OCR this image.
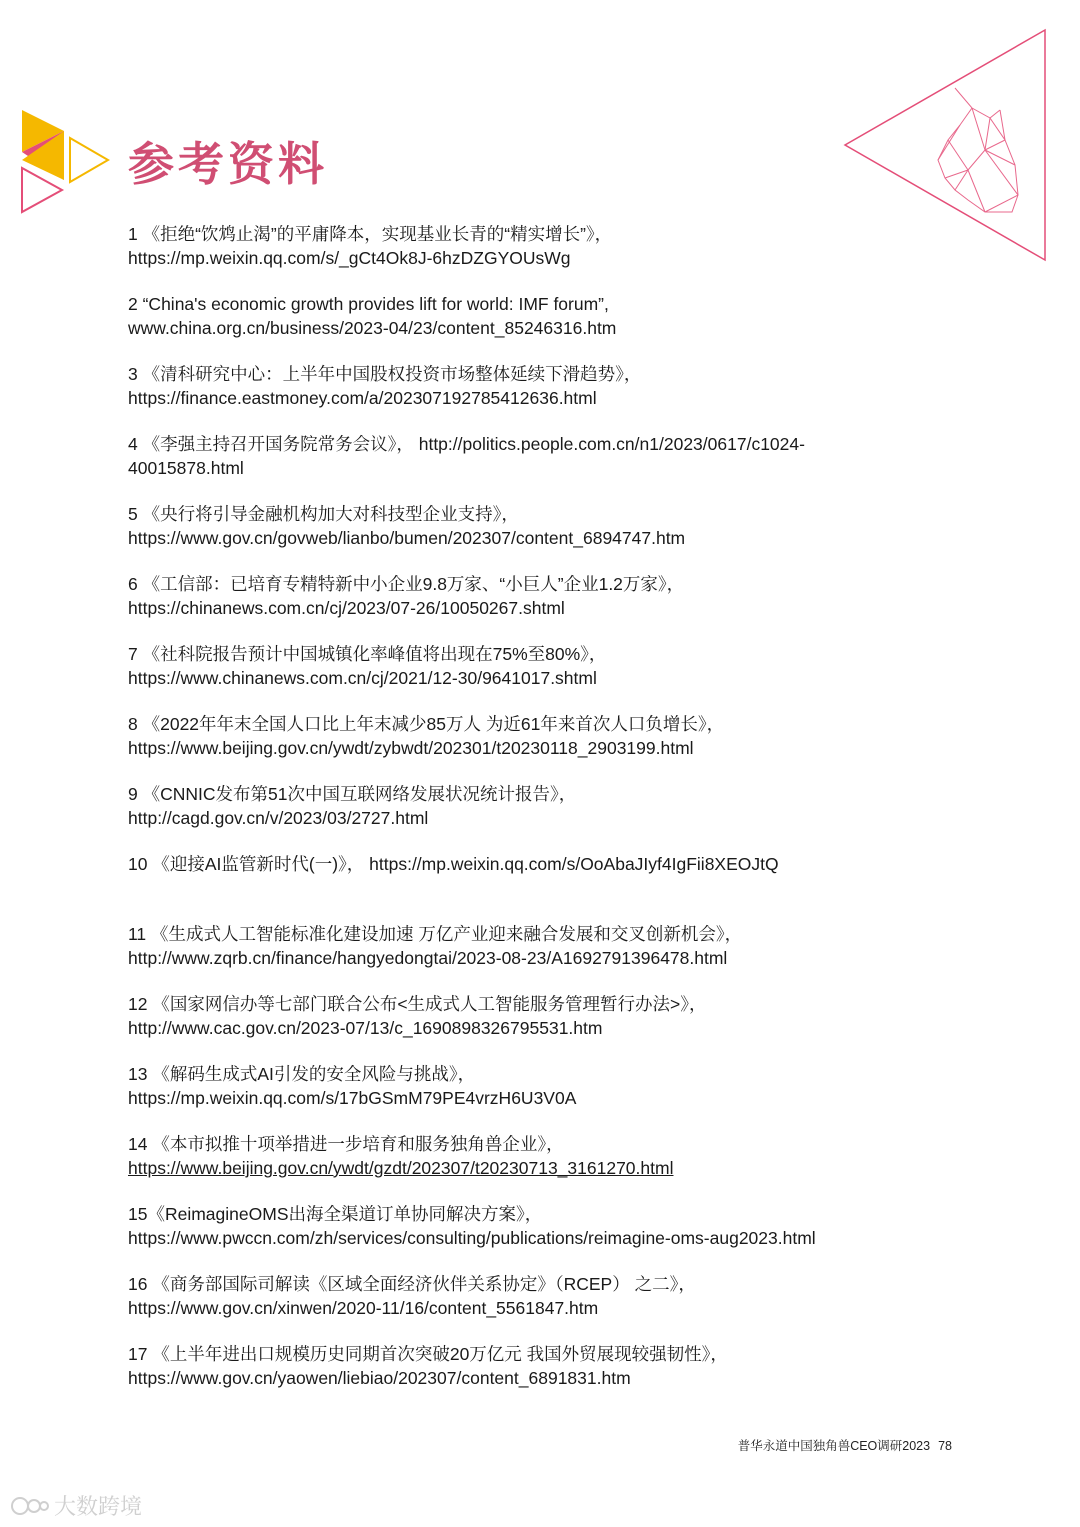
参考资料
1 《拒绝“饮鸩止渴”的平庸降本，实现基业长青的“精实增长”》，
https://mp.weixin.qq.com/s/_gCt4Ok8J-6hzDZGYOUsWg
2 “China's economic growth provides lift for world: IMF forum”,
www.china.org.cn/business/2023-04/23/content_85246316.htm
3 《清科研究中心：上半年中国股权投资市场整体延续下滑趋势》，
https://finance.eastmoney.com/a/202307192785412636.html
4 《李强主持召开国务院常务会议》， http://politics.people.com.cn/n1/2023/0617/c1024-
40015878.html
5 《央行将引导金融机构加大对科技型企业支持》，
https://www.gov.cn/govweb/lianbo/bumen/202307/content_6894747.htm
6 《工信部：已培育专精特新中小企业9.8万家、“小巨人”企业1.2万家》，
https://chinanews.com.cn/cj/2023/07-26/10050267.shtml
7 《社科院报告预计中国城镇化率峰值将出现在75%至80%》，
https://www.chinanews.com.cn/cj/2021/12-30/9641017.shtml
8 《2022年年末全国人口比上年末减少85万人 为近61年来首次人口负增长》，
https://www.beijing.gov.cn/ywdt/zybwdt/202301/t20230118_2903199.html
9 《CNNIC发布第51次中国互联网络发展状况统计报告》，
http://cagd.gov.cn/v/2023/03/2727.html
10 《迎接AI监管新时代(一)》， https://mp.weixin.qq.com/s/OoAbaJIyf4IgFii8XEOJtQ
11 《生成式人工智能标准化建设加速 万亿产业迎来融合发展和交叉创新机会》，
http://www.zqrb.cn/finance/hangyedongtai/2023-08-23/A1692791396478.html
12 《国家网信办等七部门联合公布<生成式人工智能服务管理暂行办法>》，
http://www.cac.gov.cn/2023-07/13/c_1690898326795531.htm
13 《解码生成式AI引发的安全风险与挑战》，
https://mp.weixin.qq.com/s/17bGSmM79PE4vrzH6U3V0A
14 《本市拟推十项举措进一步培育和服务独角兽企业》，
https://www.beijing.gov.cn/ywdt/gzdt/202307/t20230713_3161270.html
15《ReimagineOMS出海全渠道订单协同解决方案》，
https://www.pwccn.com/zh/services/consulting/publications/reimagine-oms-aug2023.html
16 《商务部国际司解读《区域全面经济伙伴关系协定》（RCEP） 之二》，
https://www.gov.cn/xinwen/2020-11/16/content_5561847.htm
17 《上半年进出口规模历史同期首次突破20万亿元 我国外贸展现较强韧性》，
https://www.gov.cn/yaowen/liebiao/202307/content_6891831.htm
普华永道中国独角兽CEO调研2023 78
大数跨境
